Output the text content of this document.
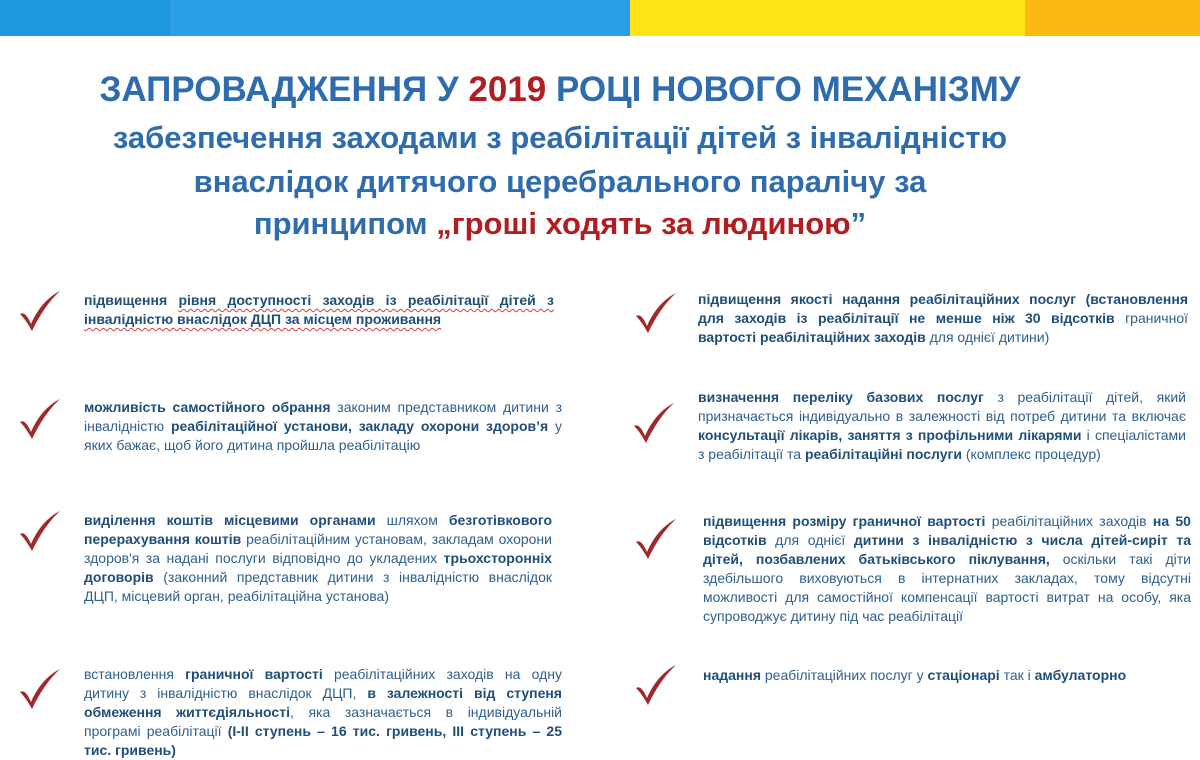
ЗАПРОВАДЖЕННЯ У 2019 РОЦІ НОВОГО МЕХАНІЗМУ
забезпечення заходами з реабілітації дітей з інвалідністю
внаслідок дитячого церебрального паралічу за
принципом „гроші ходять за людиною”
підвищення рівня доступності заходів із реабілітації дітей з інвалідністю внаслідок ДЦП за місцем проживання
можливість самостійного обрання законим представником дитини з інвалідністю реабілітаційної установи, закладу охорони здоров’я у яких бажає, щоб його дитина пройшла реабілітацію
виділення коштів місцевими органами шляхом безготівкового перерахування коштів реабілітаційним установам, закладам охорони здоров'я за надані послуги відповідно до укладених трьохсторонніх договорів (законний представник дитини з інвалідністю внаслідок ДЦП, місцевий орган, реабілітаційна установа)
встановлення граничної вартості реабілітаційних заходів на одну дитину з інвалідністю внаслідок ДЦП, в залежності від ступеня обмеження життєдіяльності, яка зазначається в індивідуальній програмі реабілітації (I-II ступень – 16 тис. гривень, III ступень – 25 тис. гривень)
підвищення якості надання реабілітаційних послуг (встановлення для заходів із реабілітації не менше ніж 30 відсотків граничної вартості реабілітаційних заходів для однієї дитини)
визначення переліку базових послуг з реабілітації дітей, який призначається індивідуально в залежності від потреб дитини та включає консультації лікарів, заняття з профільними лікарями і спеціалістами з реабілітації та реабілітаційні послуги (комплекс процедур)
підвищення розміру граничної вартості реабілітаційних заходів на 50 відсотків для однієї дитини з інвалідністю з числа дітей-сиріт та дітей, позбавлених батьківського піклування, оскільки такі діти здебільшого виховуються в інтернатних закладах, тому відсутні можливості для самостійної компенсації вартості витрат на особу, яка супроводжує дитину під час реабілітації
надання реабілітаційних послуг у стаціонарі так і амбулаторно
